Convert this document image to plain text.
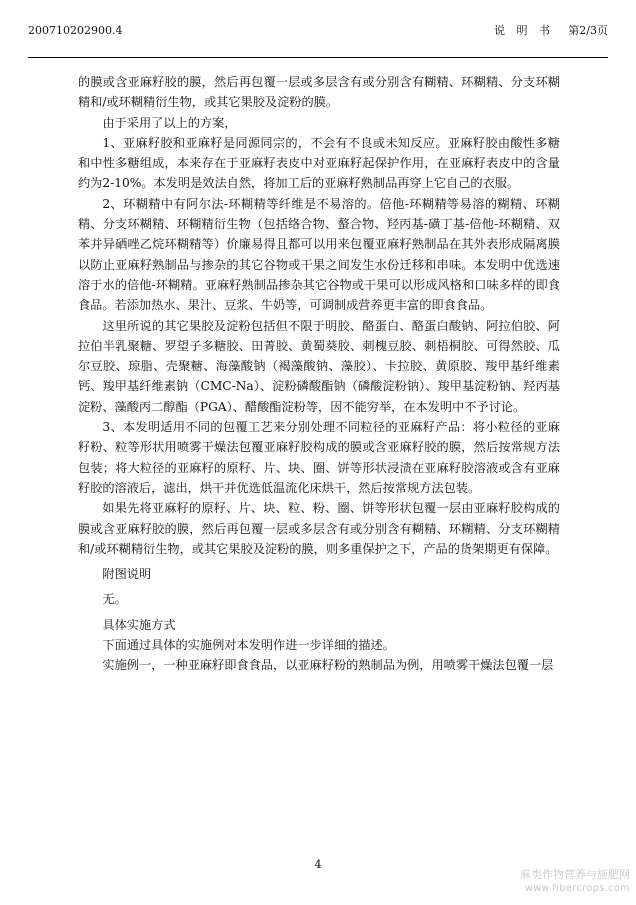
200710202900.4	说 明 书 第2/3页

的膜或含亚麻籽胶的膜，然后再包覆一层或多层含有或分别含有糊精、环糊精、分支环糊精和/或环糊精衍生物，或其它果胶及淀粉的膜。

由于采用了以上的方案，

1、亚麻籽胶和亚麻籽是同源同宗的，不会有不良或未知反应。亚麻籽胶由酸性多糖和中性多糖组成，本来存在于亚麻籽表皮中对亚麻籽起保护作用，在亚麻籽表皮中的含量约为2-10%。本发明是效法自然，将加工后的亚麻籽熟制品再穿上它自己的衣服。

2、环糊精中有阿尔法-环糊精等纤维是不易溶的。倍他-环糊精等易溶的糊精、环糊精、分支环糊精、环糊精衍生物（包括络合物、螯合物、羟丙基-磺丁基-倍他-环糊精、双苯并异硒唑乙烷环糊精等）价廉易得且都可以用来包覆亚麻籽熟制品在其外表形成隔离膜以防止亚麻籽熟制品与掺杂的其它谷物或干果之间发生水份迁移和串味。本发明中优选速溶于水的倍他-环糊精。亚麻籽熟制品掺杂其它谷物或干果可以形成风格和口味多样的即食食品。若添加热水、果汁、豆浆、牛奶等，可调制成营养更丰富的即食食品。

这里所说的其它果胶及淀粉包括但不限于明胶、酪蛋白、酪蛋白酸钠、阿拉伯胶、阿拉伯半乳聚糖、罗望子多糖胶、田菁胶、黄蜀葵胶、刺槐豆胶、刺梧桐胶、可得然胶、瓜尔豆胶、琼脂、壳聚糖、海藻酸钠（褐藻酸钠、藻胶）、卡拉胶、黄原胶、羧甲基纤维素钙、羧甲基纤维素钠（CMC-Na）、淀粉磷酸酯钠（磷酸淀粉钠）、羧甲基淀粉钠、羟丙基淀粉、藻酸丙二醇酯（PGA）、醋酸酯淀粉等，因不能穷举，在本发明中不予讨论。

3、本发明适用不同的包覆工艺来分别处理不同粒径的亚麻籽产品：将小粒径的亚麻籽粉、粒等形状用喷雾干燥法包覆亚麻籽胶构成的膜或含亚麻籽胶的膜，然后按常规方法包装；将大粒径的亚麻籽的原籽、片、块、圈、饼等形状浸渍在亚麻籽胶溶液或含有亚麻籽胶的溶液后，滤出，烘干并优选低温流化床烘干，然后按常规方法包装。

如果先将亚麻籽的原籽、片、块、粒、粉、圈、饼等形状包覆一层由亚麻籽胶构成的膜或含亚麻籽胶的膜，然后再包覆一层或多层含有或分别含有糊精、环糊精、分支环糊精和/或环糊精衍生物，或其它果胶及淀粉的膜，则多重保护之下，产品的货架期更有保障。

附图说明

无。

具体实施方式

下面通过具体的实施例对本发明作进一步详细的描述。

实施例一，一种亚麻籽即食食品，以亚麻籽粉的熟制品为例，用喷雾干燥法包覆一层

4
麻类作物营养与施肥网
www.fibercrops.com
